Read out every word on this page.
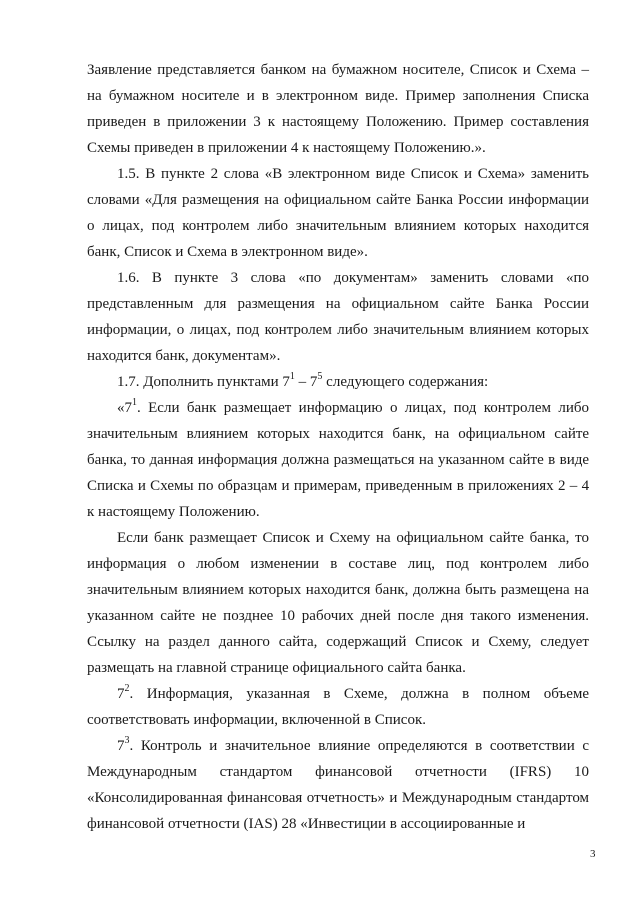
Заявление представляется банком на бумажном носителе, Список и Схема – на бумажном носителе и в электронном виде. Пример заполнения Списка приведен в приложении 3 к настоящему Положению. Пример составления Схемы приведен в приложении 4 к настоящему Положению.».
1.5. В пункте 2 слова «В электронном виде Список и Схема» заменить словами «Для размещения на официальном сайте Банка России информации о лицах, под контролем либо значительным влиянием которых находится банк, Список и Схема в электронном виде».
1.6. В пункте 3 слова «по документам» заменить словами «по представленным для размещения на официальном сайте Банка России информации, о лицах, под контролем либо значительным влиянием которых находится банк, документам».
1.7. Дополнить пунктами $7^1 - 7^5$ следующего содержания:
«$7^1$. Если банк размещает информацию о лицах, под контролем либо значительным влиянием которых находится банк, на официальном сайте банка, то данная информация должна размещаться на указанном сайте в виде Списка и Схемы по образцам и примерам, приведенным в приложениях 2 – 4 к настоящему Положению.
Если банк размещает Список и Схему на официальном сайте банка, то информация о любом изменении в составе лиц, под контролем либо значительным влиянием которых находится банк, должна быть размещена на указанном сайте не позднее 10 рабочих дней после дня такого изменения. Ссылку на раздел данного сайта, содержащий Список и Схему, следует размещать на главной странице официального сайта банка.
$7^2$. Информация, указанная в Схеме, должна в полном объеме соответствовать информации, включенной в Список.
$7^3$. Контроль и значительное влияние определяются в соответствии с Международным стандартом финансовой отчетности (IFRS) 10 «Консолидированная финансовая отчетность» и Международным стандартом финансовой отчетности (IAS) 28 «Инвестиции в ассоциированные и
3
